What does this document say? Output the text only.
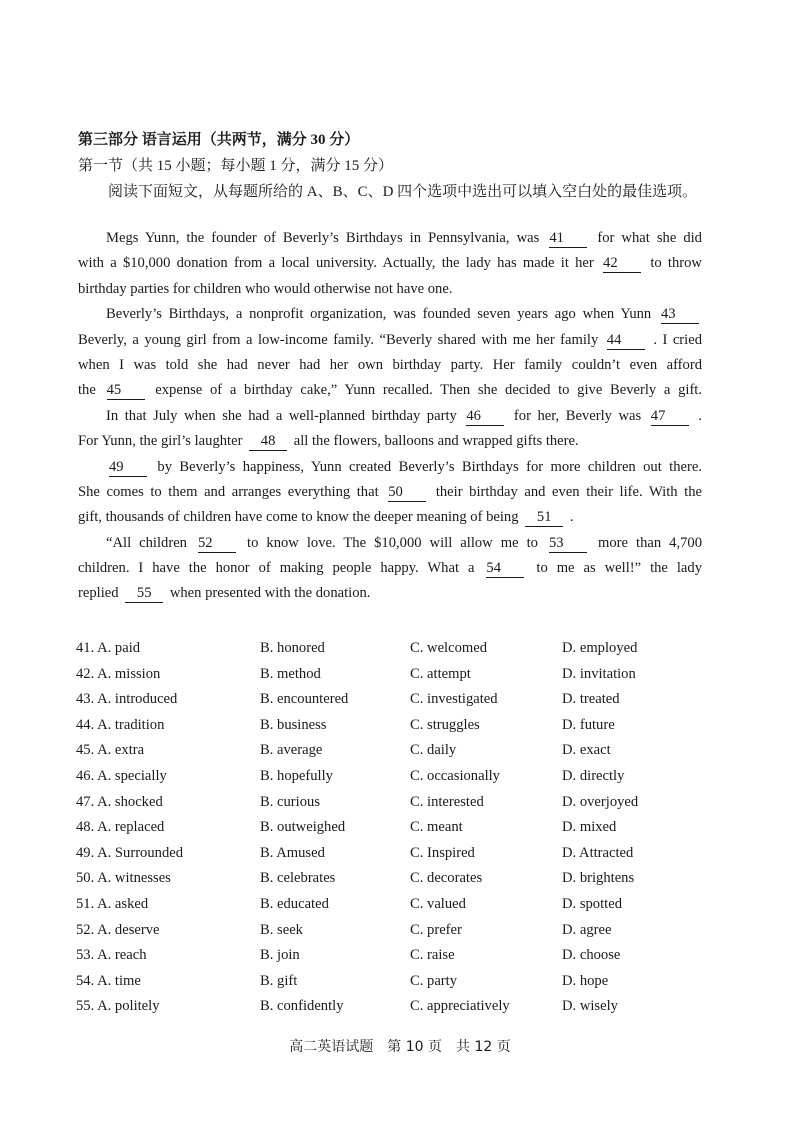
第三部分 语言运用（共两节，满分 30 分）
第一节（共 15 小题；每小题 1 分，满分 15 分）
阅读下面短文，从每题所给的 A、B、C、D 四个选项中选出可以填入空白处的最佳选项。
Megs Yunn, the founder of Beverly’s Birthdays in Pennsylvania, was 41 for what she did
with a $10,000 donation from a local university. Actually, the lady has made it her 42 to throw
birthday parties for children who would otherwise not have one.
Beverly’s Birthdays, a nonprofit organization, was founded seven years ago when Yunn 43
Beverly, a young girl from a low-income family. “Beverly shared with me her family 44 . I cried
when I was told she had never had her own birthday party. Her family couldn’t even afford
the 45 expense of a birthday cake,” Yunn recalled. Then she decided to give Beverly a gift.
In that July when she had a well-planned birthday party 46 for her, Beverly was 47 .
For Yunn, the girl’s laughter 48 all the flowers, balloons and wrapped gifts there.
49 by Beverly’s happiness, Yunn created Beverly’s Birthdays for more children out there.
She comes to them and arranges everything that 50 their birthday and even their life. With the
gift, thousands of children have come to know the deeper meaning of being 51 .
“All children 52 to know love. The $10,000 will allow me to 53 more than 4,700
children. I have the honor of making people happy. What a 54 to me as well!” the lady
replied 55 when presented with the donation.
41. A. paid	B. honored	C. welcomed	D. employed
42. A. mission	B. method	C. attempt	D. invitation
43. A. introduced	B. encountered	C. investigated	D. treated
44. A. tradition	B. business	C. struggles	D. future
45. A. extra	B. average	C. daily	D. exact
46. A. specially	B. hopefully	C. occasionally	D. directly
47. A. shocked	B. curious	C. interested	D. overjoyed
48. A. replaced	B. outweighed	C. meant	D. mixed
49. A. Surrounded	B. Amused	C. Inspired	D. Attracted
50. A. witnesses	B. celebrates	C. decorates	D. brightens
51. A. asked	B. educated	C. valued	D. spotted
52. A. deserve	B. seek	C. prefer	D. agree
53. A. reach	B. join	C. raise	D. choose
54. A. time	B. gift	C. party	D. hope
55. A. politely	B. confidently	C. appreciatively	D. wisely
高二英语试题　第 10 页　共 12 页
